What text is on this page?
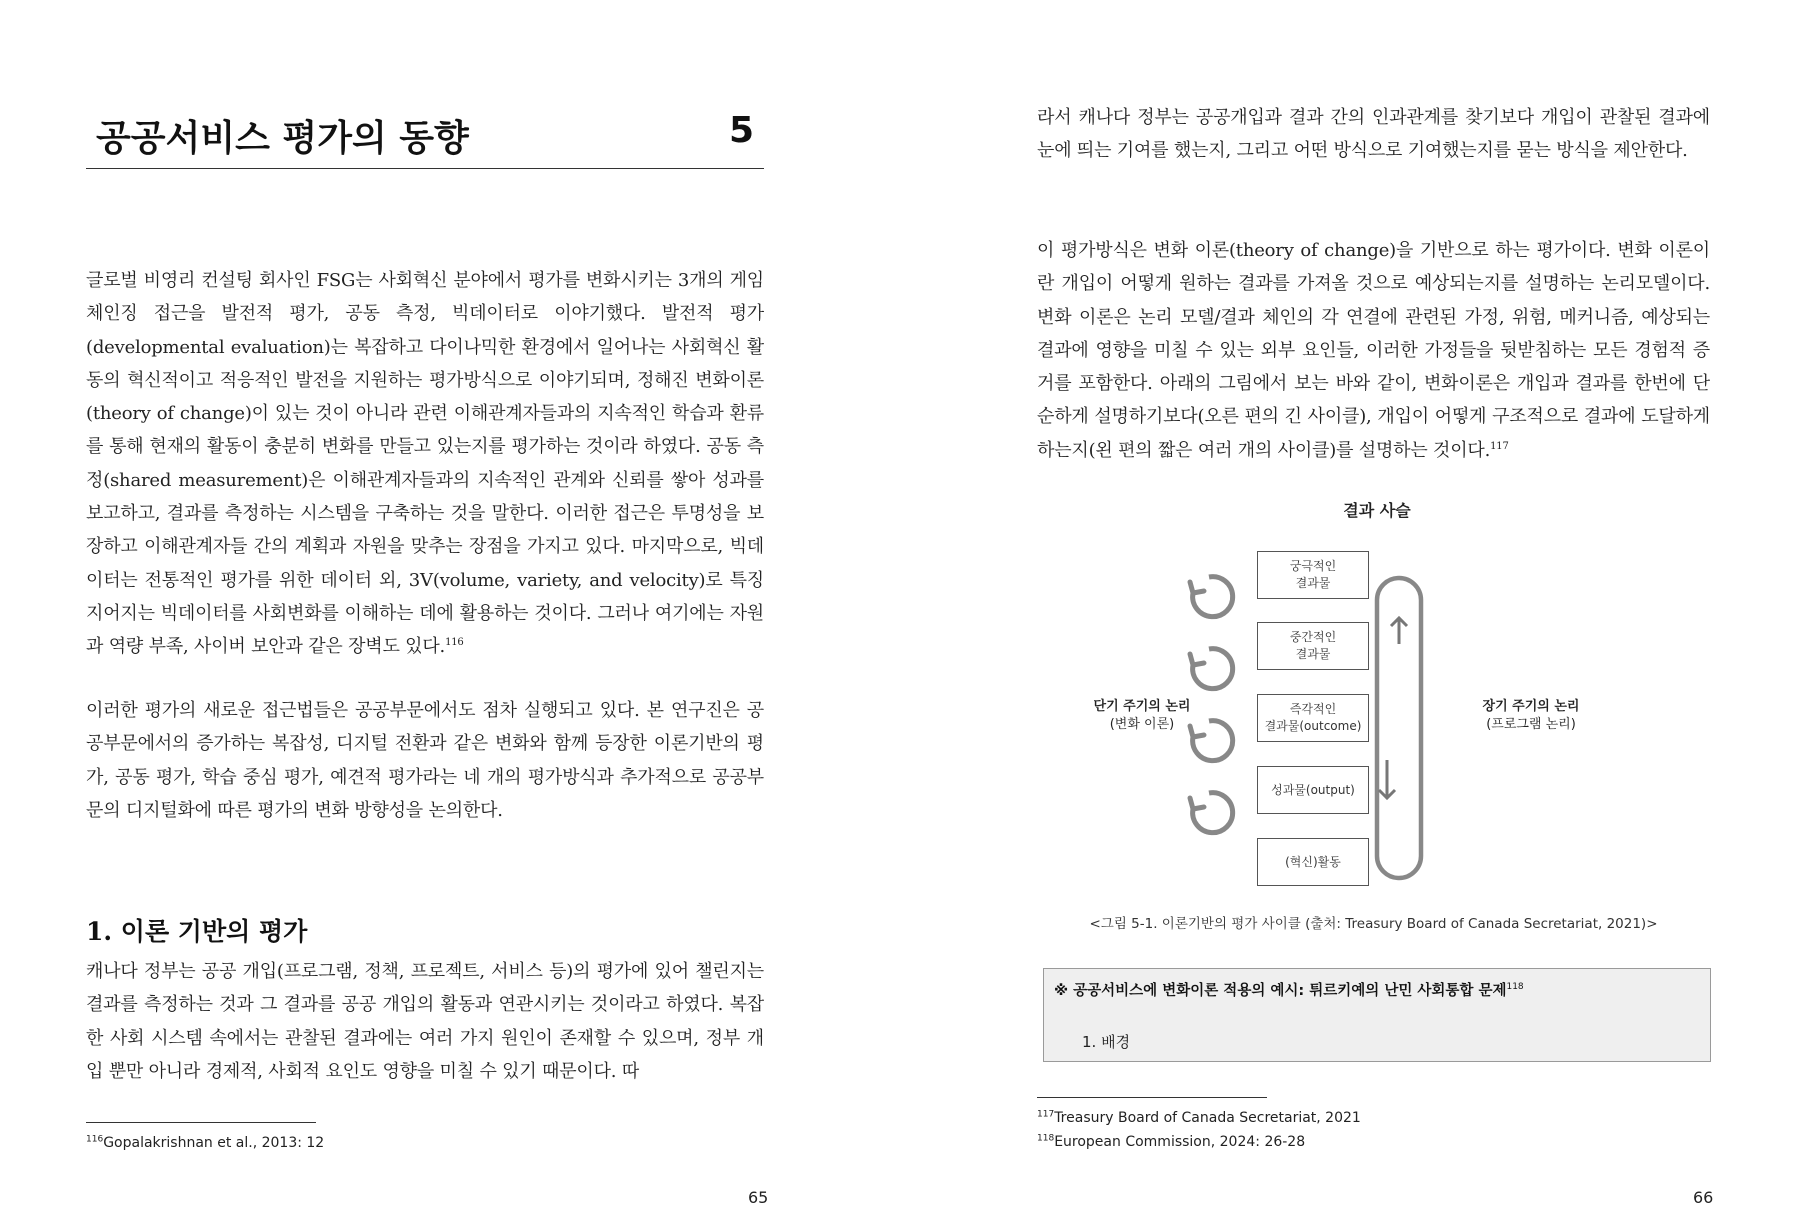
공공서비스 평가의 동향	5

글로벌 비영리 컨설팅 회사인 FSG는 사회혁신 분야에서 평가를 변화시키는 3개의 게임 체인징 접근을 발전적 평가, 공동 측정, 빅데이터로 이야기했다. 발전적 평가(developmental evaluation)는 복잡하고 다이나믹한 환경에서 일어나는 사회혁신 활동의 혁신적이고 적응적인 발전을 지원하는 평가방식으로 이야기되며, 정해진 변화이론(theory of change)이 있는 것이 아니라 관련 이해관계자들과의 지속적인 학습과 환류를 통해 현재의 활동이 충분히 변화를 만들고 있는지를 평가하는 것이라 하였다. 공동 측정(shared measurement)은 이해관계자들과의 지속적인 관계와 신뢰를 쌓아 성과를 보고하고, 결과를 측정하는 시스템을 구축하는 것을 말한다. 이러한 접근은 투명성을 보장하고 이해관계자들 간의 계획과 자원을 맞추는 장점을 가지고 있다. 마지막으로, 빅데이터는 전통적인 평가를 위한 데이터 외, 3V(volume, variety, and velocity)로 특징지어지는 빅데이터를 사회변화를 이해하는 데에 활용하는 것이다. 그러나 여기에는 자원과 역량 부족, 사이버 보안과 같은 장벽도 있다.$^{116}$

이러한 평가의 새로운 접근법들은 공공부문에서도 점차 실행되고 있다. 본 연구진은 공공부문에서의 증가하는 복잡성, 디지털 전환과 같은 변화와 함께 등장한 이론기반의 평가, 공동 평가, 학습 중심 평가, 예견적 평가라는 네 개의 평가방식과 추가적으로 공공부문의 디지털화에 따른 평가의 변화 방향성을 논의한다.

1. 이론 기반의 평가

캐나다 정부는 공공 개입(프로그램, 정책, 프로젝트, 서비스 등)의 평가에 있어 챌린지는 결과를 측정하는 것과 그 결과를 공공 개입의 활동과 연관시키는 것이라고 하였다. 복잡한 사회 시스템 속에서는 관찰된 결과에는 여러 가지 원인이 존재할 수 있으며, 정부 개입 뿐만 아니라 경제적, 사회적 요인도 영향을 미칠 수 있기 때문이다. 따

$^{116}$Gopalakrishnan et al., 2013: 12
65

라서 캐나다 정부는 공공개입과 결과 간의 인과관계를 찾기보다 개입이 관찰된 결과에 눈에 띄는 기여를 했는지, 그리고 어떤 방식으로 기여했는지를 묻는 방식을 제안한다.

이 평가방식은 변화 이론(theory of change)을 기반으로 하는 평가이다. 변화 이론이란 개입이 어떻게 원하는 결과를 가져올 것으로 예상되는지를 설명하는 논리모델이다. 변화 이론은 논리 모델/결과 체인의 각 연결에 관련된 가정, 위험, 메커니즘, 예상되는 결과에 영향을 미칠 수 있는 외부 요인들, 이러한 가정들을 뒷받침하는 모든 경험적 증거를 포함한다. 아래의 그림에서 보는 바와 같이, 변화이론은 개입과 결과를 한번에 단순하게 설명하기보다(오른 편의 긴 사이클), 개입이 어떻게 구조적으로 결과에 도달하게 하는지(왼 편의 짧은 여러 개의 사이클)를 설명하는 것이다.$^{117}$

결과 사슬
궁극적인
결과물
중간적인
결과물
즉각적인
결과물(outcome)
성과물(output)
(혁신)활동
단기 주기의 논리
(변화 이론)
장기 주기의 논리
(프로그램 논리)
<그림 5-1. 이론기반의 평가 사이클 (출처: Treasury Board of Canada Secretariat, 2021)>
※ 공공서비스에 변화이론 적용의 예시: 튀르키예의 난민 사회통합 문제$^{118}$
1. 배경
$^{117}$Treasury Board of Canada Secretariat, 2021
$^{118}$European Commission, 2024: 26-28
66
